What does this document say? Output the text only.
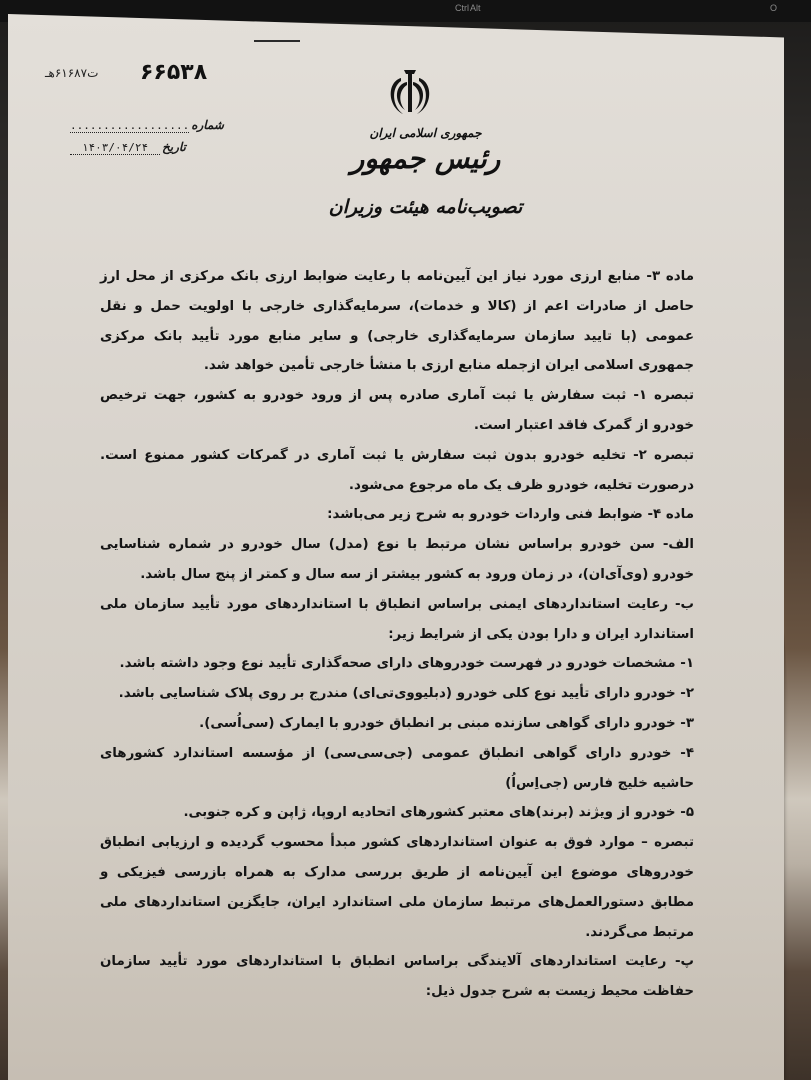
Alt
Ctrl	O
۶۶۵۳۸
ت۶۱۶۸۷هـ
شماره
..................
تاریخ
۱۴۰۳/۰۴/۲۴
جمهوری اسلامی ایران
رئیس جمهور
تصویب‌نامه هیئت وزیران

ماده ۳- منابع ارزی مورد نیاز این آیین‌نامه با رعایت ضوابط ارزی بانک مرکزی از محل ارز حاصل از صادرات اعم از (کالا و خدمات)، سرمایه‌گذاری خارجی با اولویت حمل و نقل عمومی (با تایید سازمان سرمایه‌گذاری خارجی) و سایر منابع مورد تأیید بانک مرکزی جمهوری اسلامی ایران ازجمله منابع ارزی با منشأ خارجی تأمین خواهد شد.

تبصره ۱- ثبت سفارش یا ثبت آماری صادره پس از ورود خودرو به کشور، جهت ترخیص خودرو از گمرک فاقد اعتبار است.

تبصره ۲- تخلیه خودرو بدون ثبت سفارش یا ثبت آماری در گمرکات کشور ممنوع است. درصورت تخلیه، خودرو ظرف یک ماه مرجوع می‌شود.

ماده ۴- ضوابط فنی واردات خودرو به شرح زیر می‌باشد:

الف- سن خودرو براساس نشان مرتبط با نوع (مدل) سال خودرو در شماره شناسایی خودرو (وی‌آی‌ان)، در زمان ورود به کشور بیشتر از سه سال و کمتر از پنج سال باشد.

ب- رعایت استانداردهای ایمنی براساس انطباق با استانداردهای مورد تأیید سازمان ملی استاندارد ایران و دارا بودن یکی از شرایط زیر:

۱- مشخصات خودرو در فهرست خودروهای دارای صحه‌گذاری تأیید نوع وجود داشته باشد.

۲- خودرو دارای تأیید نوع کلی خودرو (دبلیووی‌تی‌ای) مندرج بر روی پلاک شناسایی باشد.

۳- خودرو دارای گواهی سازنده مبنی بر انطباق خودرو با ایمارک (سی‌اُسی).

۴- خودرو دارای گواهی انطباق عمومی (جی‌سی‌سی) از مؤسسه استاندارد کشورهای حاشیه خلیج فارس (جی‌اِس‌اُ)

۵- خودرو از ویژند (برند)های معتبر کشورهای اتحادیه اروپا، ژاپن و کره جنوبی.

تبصره – موارد فوق به عنوان استانداردهای کشور مبدأ محسوب گردیده و ارزیابی انطباق خودروهای موضوع این آیین‌نامه از طریق بررسی مدارک به همراه بازرسی فیزیکی و مطابق دستورالعمل‌های مرتبط سازمان ملی استاندارد ایران، جایگزین استانداردهای ملی مرتبط می‌گردند.

پ- رعایت استانداردهای آلایندگی براساس انطباق با استانداردهای مورد تأیید سازمان حفاظت محیط زیست به شرح جدول ذیل:
